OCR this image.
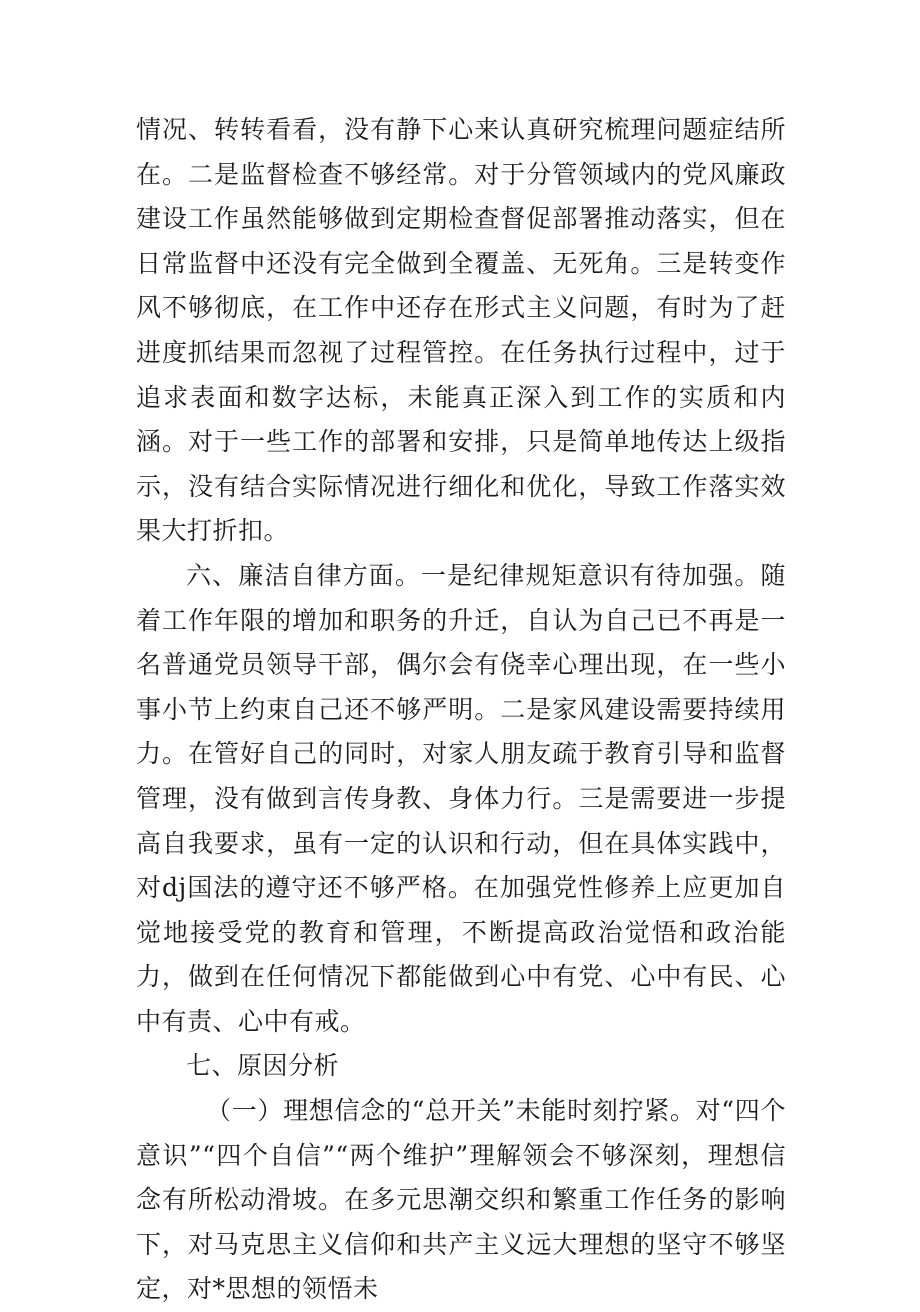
情况、转转看看，没有静下心来认真研究梳理问题症结所在。二是监督检查不够经常。对于分管领域内的党风廉政建设工作虽然能够做到定期检查督促部署推动落实，但在日常监督中还没有完全做到全覆盖、无死角。三是转变作风不够彻底，在工作中还存在形式主义问题，有时为了赶进度抓结果而忽视了过程管控。在任务执行过程中，过于追求表面和数字达标，未能真正深入到工作的实质和内涵。对于一些工作的部署和安排，只是简单地传达上级指示，没有结合实际情况进行细化和优化，导致工作落实效果大打折扣。

六、廉洁自律方面。一是纪律规矩意识有待加强。随着工作年限的增加和职务的升迁，自认为自己已不再是一名普通党员领导干部，偶尔会有侥幸心理出现，在一些小事小节上约束自己还不够严明。二是家风建设需要持续用力。在管好自己的同时，对家人朋友疏于教育引导和监督管理，没有做到言传身教、身体力行。三是需要进一步提高自我要求，虽有一定的认识和行动，但在具体实践中，对dj国法的遵守还不够严格。在加强党性修养上应更加自觉地接受党的教育和管理，不断提高政治觉悟和政治能力，做到在任何情况下都能做到心中有党、心中有民、心中有责、心中有戒。

七、原因分析

（一）理想信念的“总开关”未能时刻拧紧。对“四个意识”“四个自信”“两个维护”理解领会不够深刻，理想信念有所松动滑坡。在多元思潮交织和繁重工作任务的影响下，对马克思主义信仰和共产主义远大理想的坚守不够坚定，对*思想的领悟未
